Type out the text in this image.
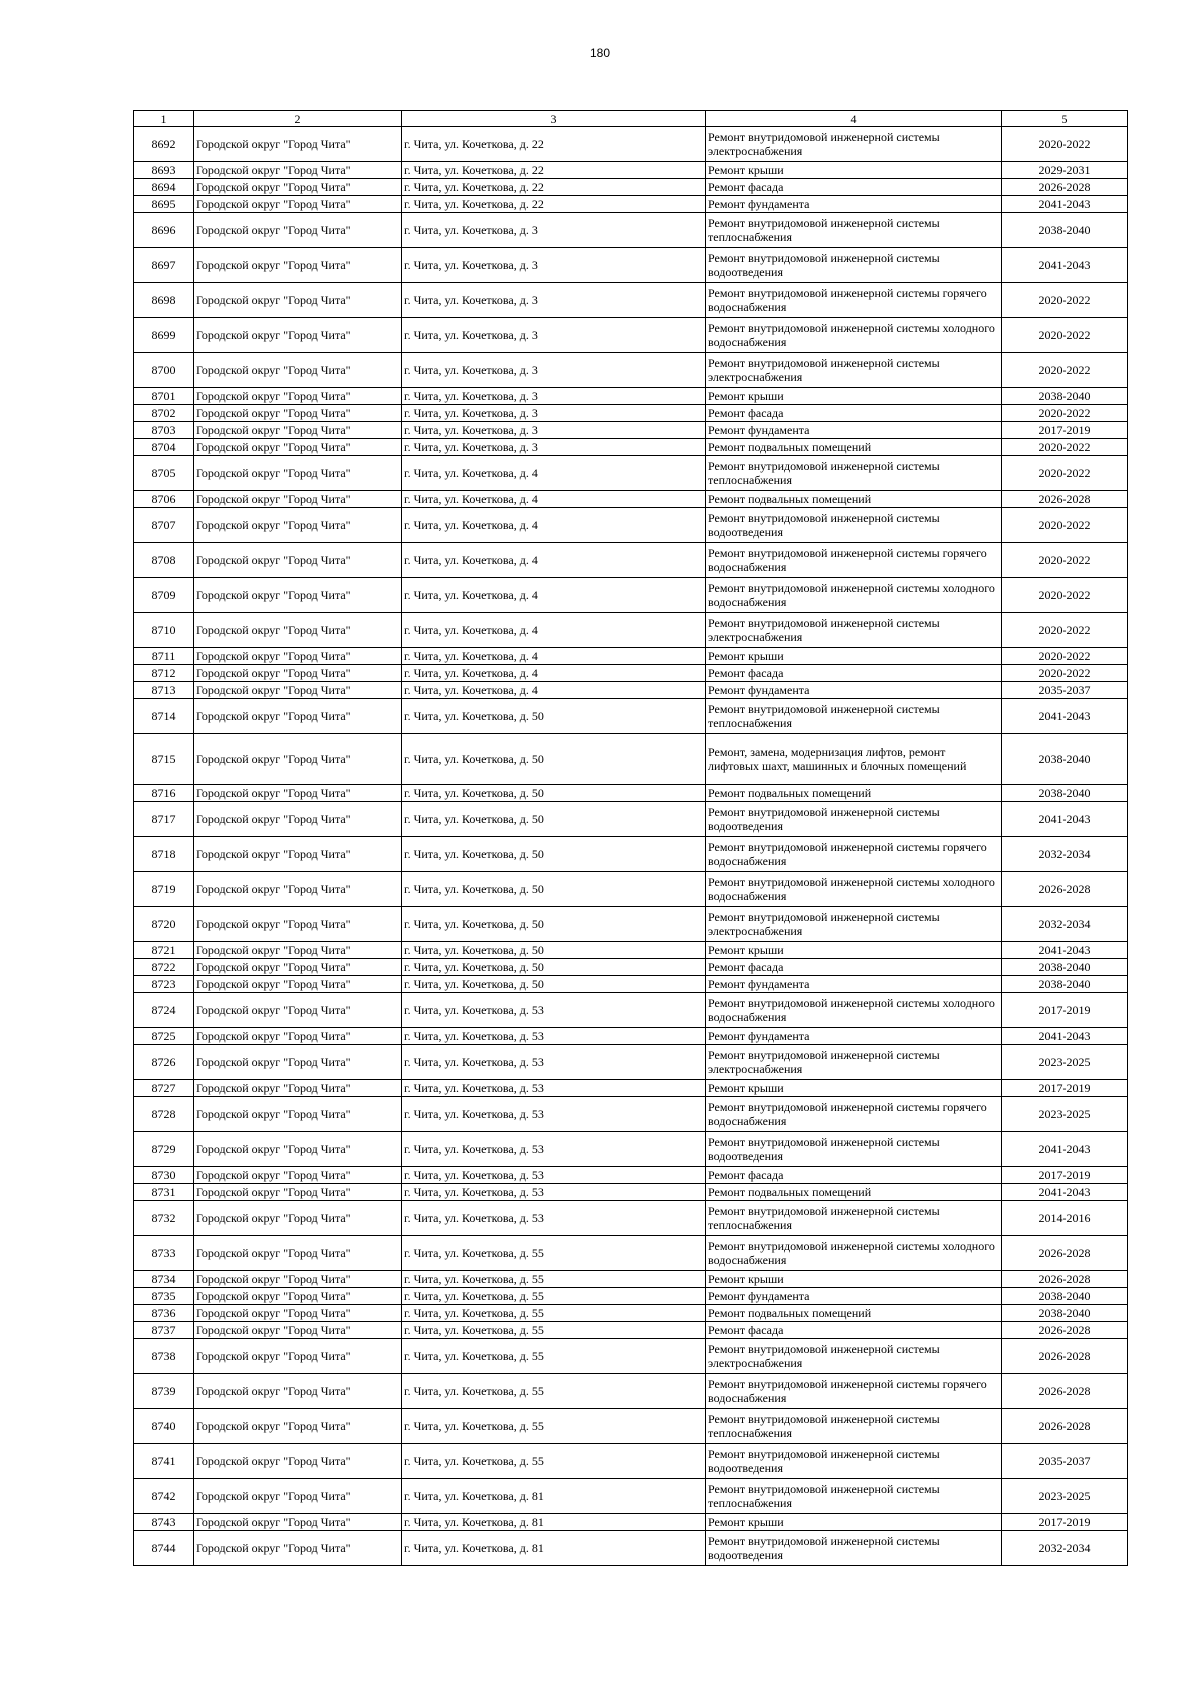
180
1	2	3	4	5
8692	Городской округ "Город Чита"	г. Чита, ул. Кочеткова, д. 22	Ремонт внутридомовой инженерной системы электроснабжения	2020-2022
8693	Городской округ "Город Чита"	г. Чита, ул. Кочеткова, д. 22	Ремонт крыши	2029-2031
8694	Городской округ "Город Чита"	г. Чита, ул. Кочеткова, д. 22	Ремонт фасада	2026-2028
8695	Городской округ "Город Чита"	г. Чита, ул. Кочеткова, д. 22	Ремонт фундамента	2041-2043
8696	Городской округ "Город Чита"	г. Чита, ул. Кочеткова, д. 3	Ремонт внутридомовой инженерной системы теплоснабжения	2038-2040
8697	Городской округ "Город Чита"	г. Чита, ул. Кочеткова, д. 3	Ремонт внутридомовой инженерной системы водоотведения	2041-2043
8698	Городской округ "Город Чита"	г. Чита, ул. Кочеткова, д. 3	Ремонт внутридомовой инженерной системы горячего водоснабжения	2020-2022
8699	Городской округ "Город Чита"	г. Чита, ул. Кочеткова, д. 3	Ремонт внутридомовой инженерной системы холодного водоснабжения	2020-2022
8700	Городской округ "Город Чита"	г. Чита, ул. Кочеткова, д. 3	Ремонт внутридомовой инженерной системы электроснабжения	2020-2022
8701	Городской округ "Город Чита"	г. Чита, ул. Кочеткова, д. 3	Ремонт крыши	2038-2040
8702	Городской округ "Город Чита"	г. Чита, ул. Кочеткова, д. 3	Ремонт фасада	2020-2022
8703	Городской округ "Город Чита"	г. Чита, ул. Кочеткова, д. 3	Ремонт фундамента	2017-2019
8704	Городской округ "Город Чита"	г. Чита, ул. Кочеткова, д. 3	Ремонт подвальных помещений	2020-2022
8705	Городской округ "Город Чита"	г. Чита, ул. Кочеткова, д. 4	Ремонт внутридомовой инженерной системы теплоснабжения	2020-2022
8706	Городской округ "Город Чита"	г. Чита, ул. Кочеткова, д. 4	Ремонт подвальных помещений	2026-2028
8707	Городской округ "Город Чита"	г. Чита, ул. Кочеткова, д. 4	Ремонт внутридомовой инженерной системы водоотведения	2020-2022
8708	Городской округ "Город Чита"	г. Чита, ул. Кочеткова, д. 4	Ремонт внутридомовой инженерной системы горячего водоснабжения	2020-2022
8709	Городской округ "Город Чита"	г. Чита, ул. Кочеткова, д. 4	Ремонт внутридомовой инженерной системы холодного водоснабжения	2020-2022
8710	Городской округ "Город Чита"	г. Чита, ул. Кочеткова, д. 4	Ремонт внутридомовой инженерной системы электроснабжения	2020-2022
8711	Городской округ "Город Чита"	г. Чита, ул. Кочеткова, д. 4	Ремонт крыши	2020-2022
8712	Городской округ "Город Чита"	г. Чита, ул. Кочеткова, д. 4	Ремонт фасада	2020-2022
8713	Городской округ "Город Чита"	г. Чита, ул. Кочеткова, д. 4	Ремонт фундамента	2035-2037
8714	Городской округ "Город Чита"	г. Чита, ул. Кочеткова, д. 50	Ремонт внутридомовой инженерной системы теплоснабжения	2041-2043
8715	Городской округ "Город Чита"	г. Чита, ул. Кочеткова, д. 50	Ремонт, замена, модернизация лифтов, ремонт лифтовых шахт, машинных и блочных помещений	2038-2040
8716	Городской округ "Город Чита"	г. Чита, ул. Кочеткова, д. 50	Ремонт подвальных помещений	2038-2040
8717	Городской округ "Город Чита"	г. Чита, ул. Кочеткова, д. 50	Ремонт внутридомовой инженерной системы водоотведения	2041-2043
8718	Городской округ "Город Чита"	г. Чита, ул. Кочеткова, д. 50	Ремонт внутридомовой инженерной системы горячего водоснабжения	2032-2034
8719	Городской округ "Город Чита"	г. Чита, ул. Кочеткова, д. 50	Ремонт внутридомовой инженерной системы холодного водоснабжения	2026-2028
8720	Городской округ "Город Чита"	г. Чита, ул. Кочеткова, д. 50	Ремонт внутридомовой инженерной системы электроснабжения	2032-2034
8721	Городской округ "Город Чита"	г. Чита, ул. Кочеткова, д. 50	Ремонт крыши	2041-2043
8722	Городской округ "Город Чита"	г. Чита, ул. Кочеткова, д. 50	Ремонт фасада	2038-2040
8723	Городской округ "Город Чита"	г. Чита, ул. Кочеткова, д. 50	Ремонт фундамента	2038-2040
8724	Городской округ "Город Чита"	г. Чита, ул. Кочеткова, д. 53	Ремонт внутридомовой инженерной системы холодного водоснабжения	2017-2019
8725	Городской округ "Город Чита"	г. Чита, ул. Кочеткова, д. 53	Ремонт фундамента	2041-2043
8726	Городской округ "Город Чита"	г. Чита, ул. Кочеткова, д. 53	Ремонт внутридомовой инженерной системы электроснабжения	2023-2025
8727	Городской округ "Город Чита"	г. Чита, ул. Кочеткова, д. 53	Ремонт крыши	2017-2019
8728	Городской округ "Город Чита"	г. Чита, ул. Кочеткова, д. 53	Ремонт внутридомовой инженерной системы горячего водоснабжения	2023-2025
8729	Городской округ "Город Чита"	г. Чита, ул. Кочеткова, д. 53	Ремонт внутридомовой инженерной системы водоотведения	2041-2043
8730	Городской округ "Город Чита"	г. Чита, ул. Кочеткова, д. 53	Ремонт фасада	2017-2019
8731	Городской округ "Город Чита"	г. Чита, ул. Кочеткова, д. 53	Ремонт подвальных помещений	2041-2043
8732	Городской округ "Город Чита"	г. Чита, ул. Кочеткова, д. 53	Ремонт внутридомовой инженерной системы теплоснабжения	2014-2016
8733	Городской округ "Город Чита"	г. Чита, ул. Кочеткова, д. 55	Ремонт внутридомовой инженерной системы холодного водоснабжения	2026-2028
8734	Городской округ "Город Чита"	г. Чита, ул. Кочеткова, д. 55	Ремонт крыши	2026-2028
8735	Городской округ "Город Чита"	г. Чита, ул. Кочеткова, д. 55	Ремонт фундамента	2038-2040
8736	Городской округ "Город Чита"	г. Чита, ул. Кочеткова, д. 55	Ремонт подвальных помещений	2038-2040
8737	Городской округ "Город Чита"	г. Чита, ул. Кочеткова, д. 55	Ремонт фасада	2026-2028
8738	Городской округ "Город Чита"	г. Чита, ул. Кочеткова, д. 55	Ремонт внутридомовой инженерной системы электроснабжения	2026-2028
8739	Городской округ "Город Чита"	г. Чита, ул. Кочеткова, д. 55	Ремонт внутридомовой инженерной системы горячего водоснабжения	2026-2028
8740	Городской округ "Город Чита"	г. Чита, ул. Кочеткова, д. 55	Ремонт внутридомовой инженерной системы теплоснабжения	2026-2028
8741	Городской округ "Город Чита"	г. Чита, ул. Кочеткова, д. 55	Ремонт внутридомовой инженерной системы водоотведения	2035-2037
8742	Городской округ "Город Чита"	г. Чита, ул. Кочеткова, д. 81	Ремонт внутридомовой инженерной системы теплоснабжения	2023-2025
8743	Городской округ "Город Чита"	г. Чита, ул. Кочеткова, д. 81	Ремонт крыши	2017-2019
8744	Городской округ "Город Чита"	г. Чита, ул. Кочеткова, д. 81	Ремонт внутридомовой инженерной системы водоотведения	2032-2034
